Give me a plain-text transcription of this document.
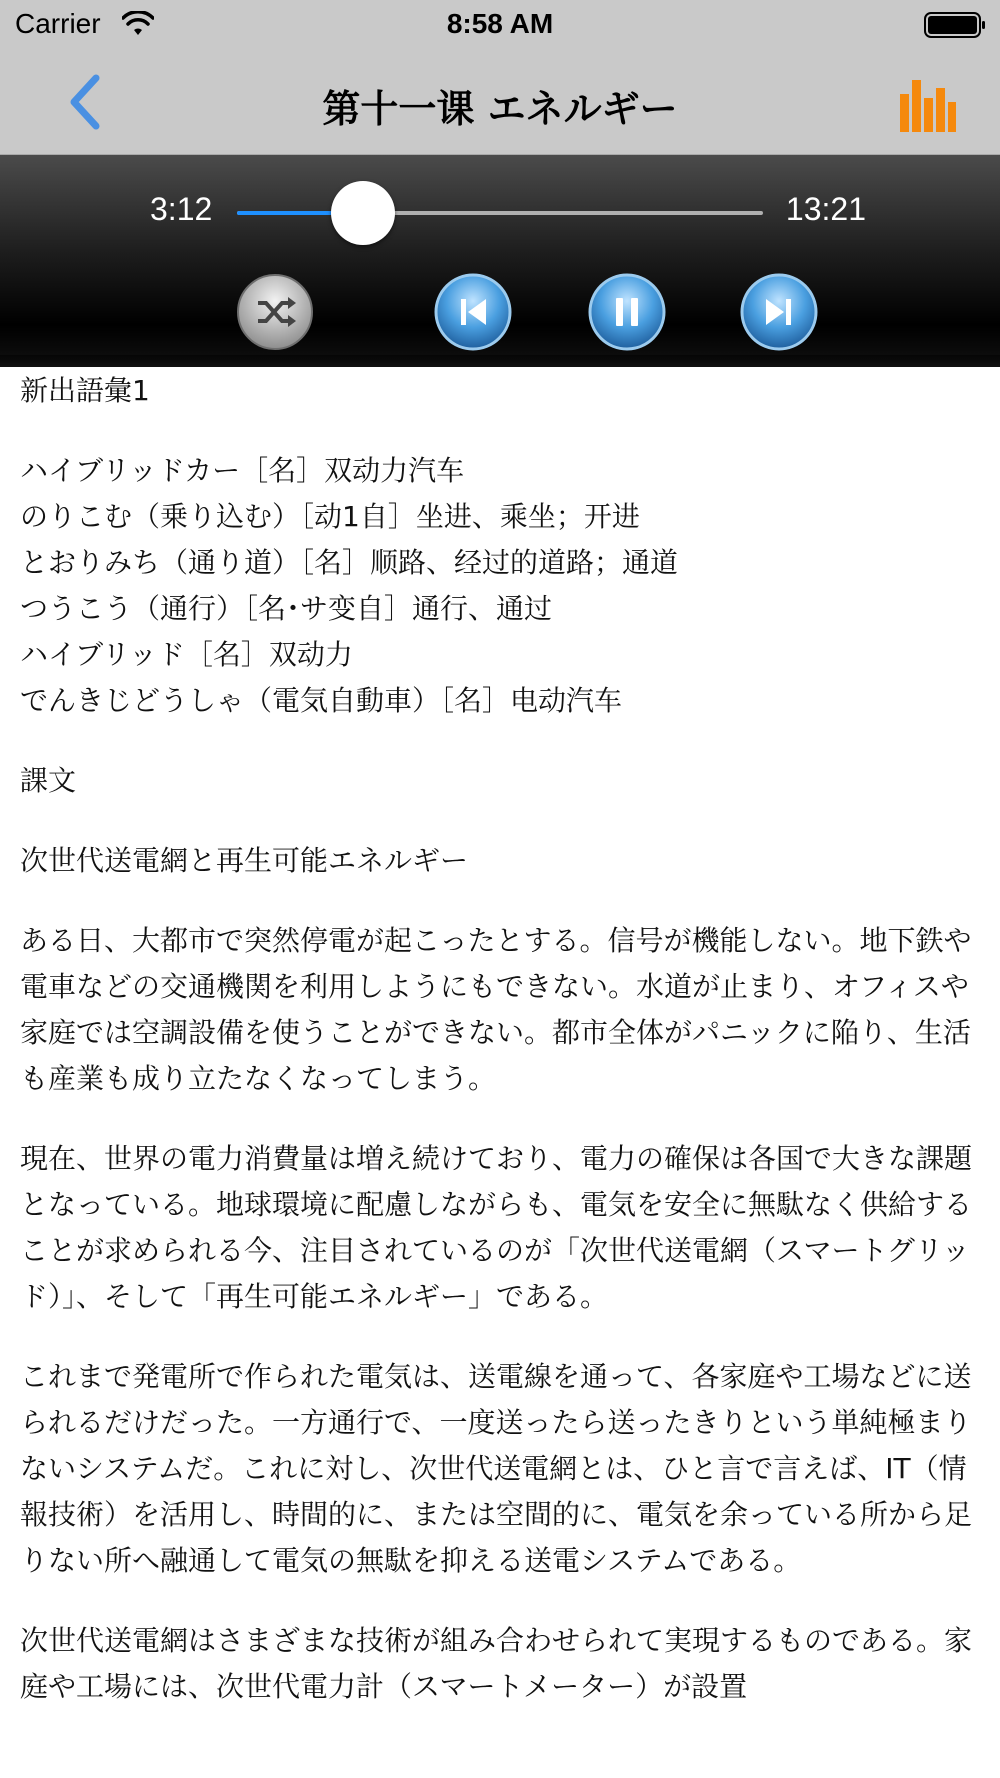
Carrier	8:58 AM
第十一课 エネルギー
3:12	13:21

新出語彙1

ハイブリッドカー［名］双动力汽车
のりこむ（乗り込む）［动1自］坐进、乘坐；开进
とおりみち（通り道）［名］顺路、经过的道路；通道
つうこう（通行）［名･サ变自］通行、通过
ハイブリッド［名］双动力
でんきじどうしゃ（電気自動車）［名］电动汽车

課文

次世代送電網と再生可能エネルギー

ある日、大都市で突然停電が起こったとする。信号が機能しない。地下鉄や電車などの交通機関を利用しようにもできない。水道が止まり、オフィスや家庭では空調設備を使うことができない。都市全体がパニックに陥り、生活も産業も成り立たなくなってしまう。

現在、世界の電力消費量は増え続けており、電力の確保は各国で大きな課題となっている。地球環境に配慮しながらも、電気を安全に無駄なく供給することが求められる今、注目されているのが「次世代送電網（スマートグリッド）」、そして「再生可能エネルギー」である。

これまで発電所で作られた電気は、送電線を通って、各家庭や工場などに送られるだけだった。一方通行で、一度送ったら送ったきりという単純極まりないシステムだ。これに対し、次世代送電網とは、ひと言で言えば、IT（情報技術）を活用し、時間的に、または空間的に、電気を余っている所から足りない所へ融通して電気の無駄を抑える送電システムである。

次世代送電網はさまざまな技術が組み合わせられて実現するものである。家庭や工場には、次世代電力計（スマートメーター）が設置
